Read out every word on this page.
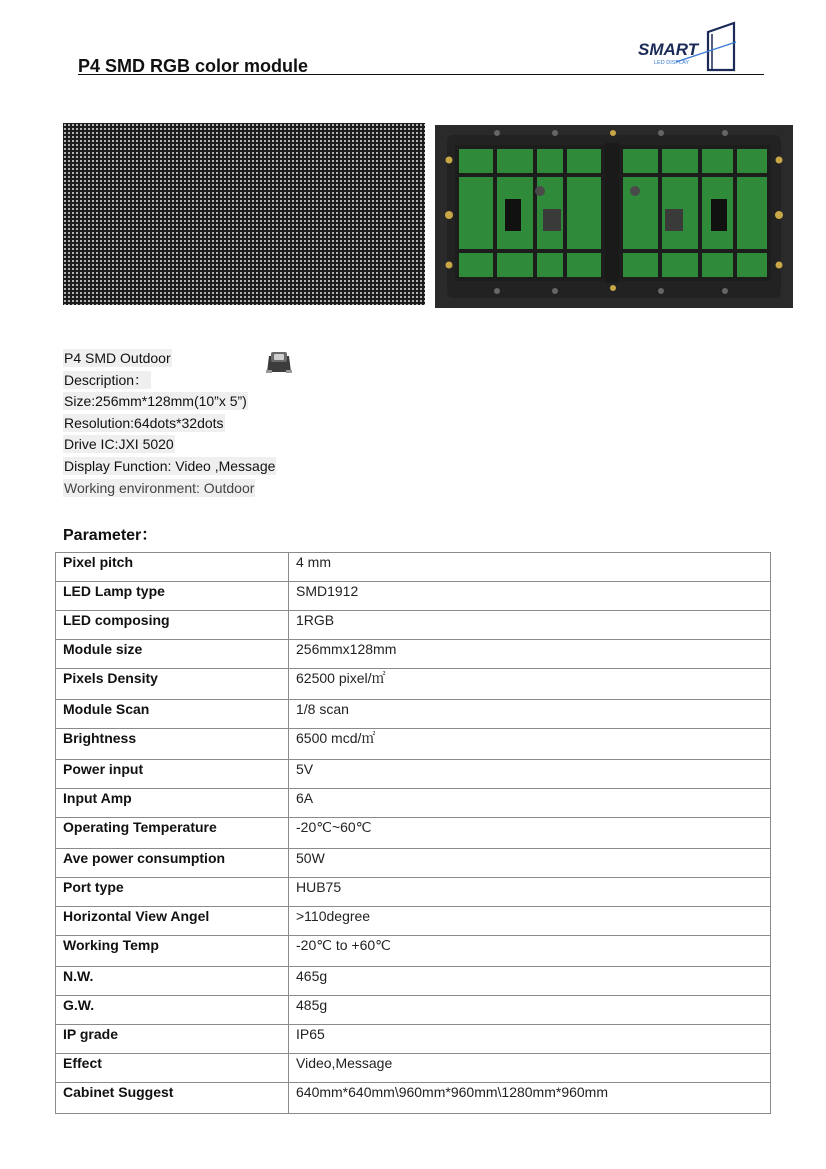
P4 SMD RGB color module
SMART
LED DISPLAY
P4 SMD Outdoor
Description：
Size:256mm*128mm(10”x 5”)
Resolution:64dots*32dots
Drive IC:JXI 5020
Display Function: Video ,Message
Working environment: Outdoor
Parameter：
Pixel pitch	4 mm
LED Lamp type	SMD1912
LED composing	1RGB
Module size	256mmx128mm
Pixels Density	62500 pixel/㎡
Module Scan	1/8 scan
Brightness	6500 mcd/㎡
Power input	5V
Input Amp	6A
Operating Temperature	-20℃~60℃
Ave power consumption	50W
Port type	HUB75
Horizontal View Angel	>110degree
Working Temp	-20℃ to +60℃
N.W.	465g
G.W.	485g
IP grade	IP65
Effect	Video,Message
Cabinet Suggest	640mm*640mm\960mm*960mm\1280mm*960mm
